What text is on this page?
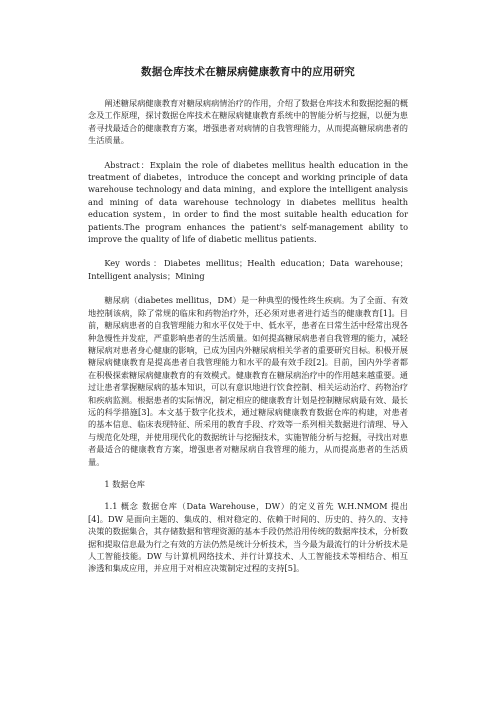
数据仓库技术在糖尿病健康教育中的应用研究

阐述糖尿病健康教育对糖尿病病情治疗的作用，介绍了数据仓库技术和数据挖掘的概念及工作原理，探讨数据仓库技术在糖尿病健康教育系统中的智能分析与挖掘，以便为患者寻找最适合的健康教育方案，增强患者对病情的自我管理能力，从而提高糖尿病患者的生活质量。

Abstract：Explain the role of diabetes mellitus health education in the treatment of diabetes，introduce the concept and working principle of data warehouse technology and data mining，and explore the intelligent analysis and mining of data warehouse technology in diabetes mellitus health education system，in order to find the most suitable health education for patients.The program enhances the patient's self-management ability to improve the quality of life of diabetic mellitus patients.

Key words：Diabetes mellitus；Health education；Data warehouse；Intelligent analysis；Mining

糖尿病（diabetes mellitus，DM）是一种典型的慢性终生疾病。为了全面、有效地控制该病，除了常规的临床和药物治疗外，还必须对患者进行适当的健康教育[1]。目前，糖尿病患者的自我管理能力和水平仅处于中、低水平，患者在日常生活中经常出现各种急慢性并发症，严重影响患者的生活质量。如何提高糖尿病患者自我管理的能力，减轻糖尿病对患者身心健康的影响，已成为国内外糖尿病相关学者的重要研究目标。积极开展糖尿病健康教育是提高患者自我管理能力和水平的最有效手段[2]。目前，国内外学者都在积极探索糖尿病健康教育的有效模式。健康教育在糖尿病治疗中的作用越来越重要。通过让患者掌握糖尿病的基本知识，可以有意识地进行饮食控制、相关运动治疗、药物治疗和疾病监测。根据患者的实际情况，制定相应的健康教育计划是控制糖尿病最有效、最长远的科学措施[3]。本文基于数字化技术，通过糖尿病健康教育数据仓库的构建，对患者的基本信息、临床表现特征、所采用的教育手段、疗效等一系列相关数据进行清理、导入与规范化处理，并使用现代化的数据统计与挖掘技术，实施智能分析与挖掘，寻找出对患者最适合的健康教育方案，增强患者对糖尿病自我管理的能力，从而提高患者的生活质量。

1 数据仓库

1.1 概念 数据仓库（Data Warehouse，DW）的定义首先 W.H.NMOM 提出[4]。DW 是面向主题的、集成的、相对稳定的、依赖于时间的、历史的、持久的、支持决策的数据集合，其存储数据和管理资源的基本手段仍然沿用传统的数据库技术，分析数据和提取信息最为行之有效的方法仍然是统计分析技术，当今最为最流行的计分析技术是人工智能技能。DW 与计算机网络技术、并行计算技术、人工智能技术等相结合、相互渗透和集成应用，并应用于对相应决策制定过程的支持[5]。
